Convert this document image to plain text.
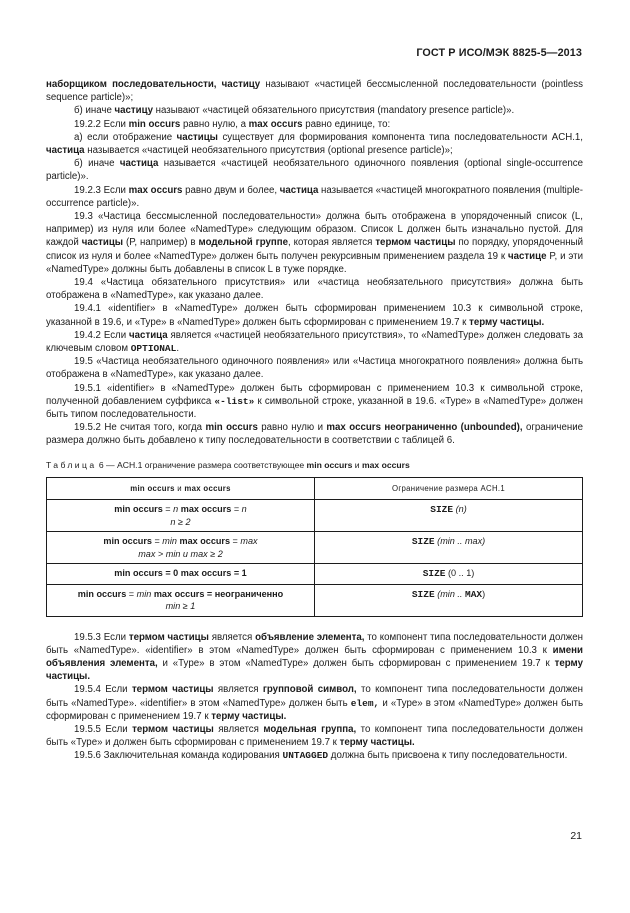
ГОСТ Р ИСО/МЭК 8825-5—2013

наборщиком последовательности, частицу называют «частицей бессмысленной последовательности (pointless sequence particle)»;

б) иначе частицу называют «частицей обязательного присутствия (mandatory presence particle)».

19.2.2 Если min occurs равно нулю, а max occurs равно единице, то:

а) если отображение частицы существует для формирования компонента типа последовательности ACH.1, частица называется «частицей необязательного присутствия (optional presence particle)»;

б) иначе частица называется «частицей необязательного одиночного появления (optional single-occurrence particle)».

19.2.3 Если max occurs равно двум и более, частица называется «частицей многократного появления (multiple-occurrence particle)».

19.3 «Частица бессмысленной последовательности» должна быть отображена в упорядоченный список (L, например) из нуля или более «NamedType» следующим образом. Список L должен быть изначально пустой. Для каждой частицы (P, например) в модельной группе, которая является термом частицы по порядку, упорядоченный список из нуля и более «NamedType» должен быть получен рекурсивным применением раздела 19 к частице P, и эти «NamedType» должны быть добавлены в список L в туже порядке.

19.4 «Частица обязательного присутствия» или «частица необязательного присутствия» должна быть отображена в «NamedType», как указано далее.

19.4.1 «identifier» в «NamedType» должен быть сформирован применением 10.3 к символьной строке, указанной в 19.6, и «Type» в «NamedType» должен быть сформирован с применением 19.7 к терму частицы.

19.4.2 Если частица является «частицей необязательного присутствия», то «NamedType» должен следовать за ключевым словом OPTIONAL.

19.5 «Частица необязательного одиночного появления» или «Частица многократного появления» должна быть отображена в «NamedType», как указано далее.

19.5.1 «identifier» в «NamedType» должен быть сформирован с применением 10.3 к символьной строке, полученной добавлением суффикса «-list» к символьной строке, указанной в 19.6. «Type» в «NamedType» должен быть типом последовательности.

19.5.2 Не считая того, когда min occurs равно нулю и max occurs неограниченно (unbounded), ограничение размера должно быть добавлено к типу последовательности в соответствии с таблицей 6.

Таблица 6 — ACH.1 ограничение размера соответствующее min occurs и max occurs
min occurs и max occurs	Ограничение размера ACH.1

min occurs = n max occurs = n
n ≥ 2	SIZE (n)

min occurs = min max occurs = max
max > min и max ≥ 2	SIZE (min .. max)

min occurs = 0 max occurs = 1	SIZE (0 .. 1)

min occurs = min max occurs = неограниченно
min ≥ 1	SIZE (min .. MAX)

19.5.3 Если термом частицы является объявление элемента, то компонент типа последовательности должен быть «NamedType». «identifier» в этом «NamedType» должен быть сформирован с применением 10.3 к имени объявления элемента, и «Type» в этом «NamedType» должен быть сформирован с применением 19.7 к терму частицы.

19.5.4 Если термом частицы является групповой символ, то компонент типа последовательности должен быть «NamedType». «identifier» в этом «NamedType» должен быть elem, и «Type» в этом «NamedType» должен быть сформирован с применением 19.7 к терму частицы.

19.5.5 Если термом частицы является модельная группа, то компонент типа последовательности должен быть «Type» и должен быть сформирован с применением 19.7 к терму частицы.

19.5.6 Заключительная команда кодирования UNTAGGED должна быть присвоена к типу последовательности.

21
